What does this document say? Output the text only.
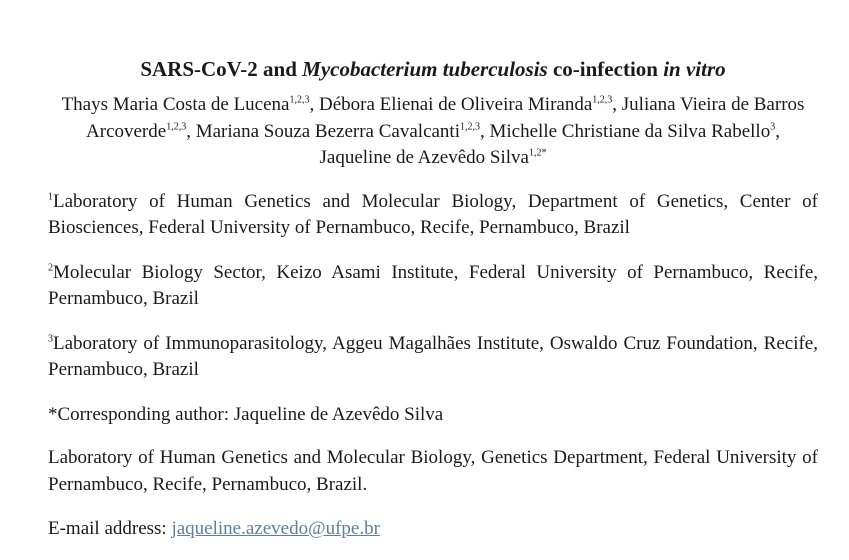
SARS-CoV-2 and Mycobacterium tuberculosis co-infection in vitro

Thays Maria Costa de Lucena$^{1,2,3}$, Débora Elienai de Oliveira Miranda$^{1,2,3}$, Juliana Vieira de Barros Arcoverde$^{1,2,3}$, Mariana Souza Bezerra Cavalcanti$^{1,2,3}$, Michelle Christiane da Silva Rabello$^3$, Jaqueline de Azevêdo Silva$^{1,2*}$

$^1$Laboratory of Human Genetics and Molecular Biology, Department of Genetics, Center of Biosciences, Federal University of Pernambuco, Recife, Pernambuco, Brazil

$^2$Molecular Biology Sector, Keizo Asami Institute, Federal University of Pernambuco, Recife, Pernambuco, Brazil

$^3$Laboratory of Immunoparasitology, Aggeu Magalhães Institute, Oswaldo Cruz Foundation, Recife, Pernambuco, Brazil

*Corresponding author: Jaqueline de Azevêdo Silva

Laboratory of Human Genetics and Molecular Biology, Genetics Department, Federal University of Pernambuco, Recife, Pernambuco, Brazil.

E-mail address: jaqueline.azevedo@ufpe.br
